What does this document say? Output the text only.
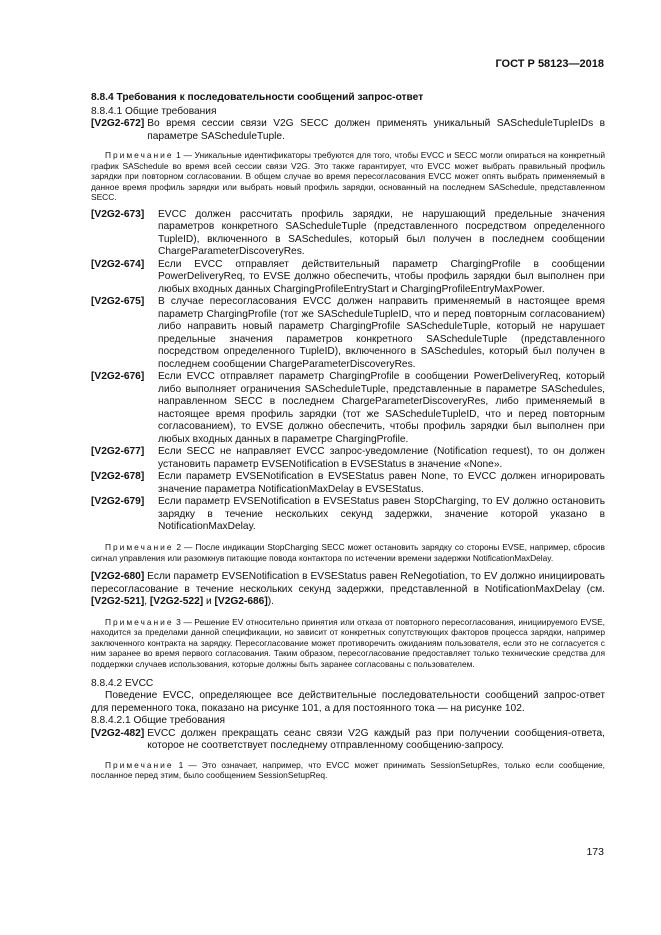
ГОСТ Р 58123—2018
8.8.4 Требования к последовательности сообщений запрос-ответ
8.8.4.1 Общие требования
[V2G2-672] Во время сессии связи V2G SECC должен применять уникальный SAScheduleTupleIDs в параметре SAScheduleTuple.
Примечание 1 — Уникальные идентификаторы требуются для того, чтобы EVCC и SECC могли опираться на конкретный график SASchedule во время всей сессии связи V2G. Это также гарантирует, что EVCC может выбрать правильный профиль зарядки при повторном согласовании. В общем случае во время пересогласования EVCC может опять выбрать применяемый в данное время профиль зарядки или выбрать новый профиль зарядки, основанный на последнем SASchedule, представленном SECC.
[V2G2-673]	EVCC должен рассчитать профиль зарядки, не нарушающий предельные значения параметров конкретного SAScheduleTuple (представленного посредством определенного TupleID), включенного в SASchedules, который был получен в последнем сообщении ChargeParameterDiscoveryRes.
[V2G2-674]	Если EVCC отправляет действительный параметр ChargingProfile в сообщении PowerDeliveryReq, то EVSE должно обеспечить, чтобы профиль зарядки был выполнен при любых входных данных ChargingProfileEntryStart и ChargingProfileEntryMaxPower.
[V2G2-675]	В случае пересогласования EVCC должен направить применяемый в настоящее время параметр ChargingProfile (тот же SAScheduleTupleID, что и перед повторным согласованием) либо направить новый параметр ChargingProfile SAScheduleTuple, который не нарушает предельные значения параметров конкретного SAScheduleTuple (представленного посредством определенного TupleID), включенного в SASchedules, который был получен в последнем сообщении ChargeParameterDiscoveryRes.
[V2G2-676]	Если EVCC отправляет параметр ChargingProfile в сообщении PowerDeliveryReq, который либо выполняет ограничения SAScheduleTuple, представленные в параметре SASchedules, направленном SECC в последнем ChargeParameterDiscoveryRes, либо применяемый в настоящее время профиль зарядки (тот же SAScheduleTupleID, что и перед повторным согласованием), то EVSE должно обеспечить, чтобы профиль зарядки был выполнен при любых входных данных в параметре ChargingProfile.
[V2G2-677]	Если SECC не направляет EVCC запрос-уведомление (Notification request), то он должен установить параметр EVSENotification в EVSEStatus в значение «None».
[V2G2-678]	Если параметр EVSENotification в EVSEStatus равен None, то EVCC должен игнорировать значение параметра NotificationMaxDelay в EVSEStatus.
[V2G2-679]	Если параметр EVSENotification в EVSEStatus равен StopCharging, то EV должно остановить зарядку в течение нескольких секунд задержки, значение которой указано в NotificationMaxDelay.
Примечание 2 — После индикации StopCharging SECC может остановить зарядку со стороны EVSE, например, сбросив сигнал управления или разомкнув питающие повода контактора по истечении времени задержки NotificationMaxDelay.
[V2G2-680] Если параметр EVSENotification в EVSEStatus равен ReNegotiation, то EV должно инициировать пересогласование в течение нескольких секунд задержки, представленной в NotificationMaxDelay (см. [V2G2-521], [V2G2-522] и [V2G2-686]).
Примечание 3 — Решение EV относительно принятия или отказа от повторного пересогласования, инициируемого EVSE, находится за пределами данной спецификации, но зависит от конкретных сопутствующих факторов процесса зарядки, например заключенного контракта на зарядку. Пересогласование может противоречить ожиданиям пользователя, если это не согласуется с ним заранее во время первого согласования. Таким образом, пересогласование предоставляет только технические средства для поддержки случаев использования, которые должны быть заранее согласованы с пользователем.
8.8.4.2 EVCC
Поведение EVCC, определяющее все действительные последовательности сообщений запрос-ответ для переменного тока, показано на рисунке 101, а для постоянного тока — на рисунке 102.
8.8.4.2.1 Общие требования
[V2G2-482] EVCC должен прекращать сеанс связи V2G каждый раз при получении сообщения-ответа, которое не соответствует последнему отправленному сообщению-запросу.
Примечание 1 — Это означает, например, что EVCC может принимать SessionSetupRes, только если сообщение, посланное перед этим, было сообщением SessionSetupReq.
173
